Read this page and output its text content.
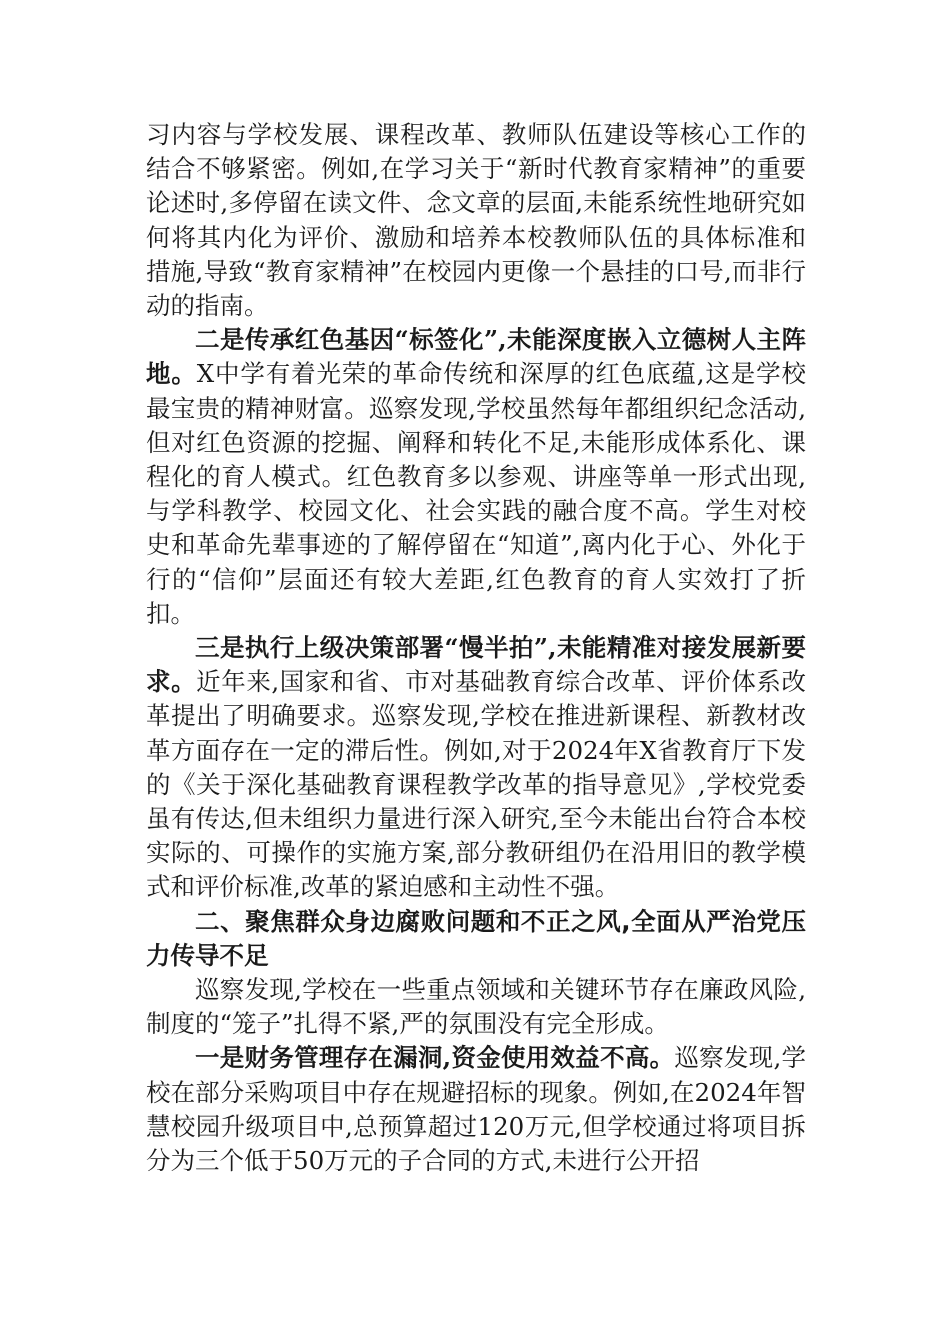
习内容与学校发展、课程改革、教师队伍建设等核心工作的结合不够紧密。例如,在学习关于“新时代教育家精神”的重要论述时,多停留在读文件、念文章的层面,未能系统性地研究如何将其内化为评价、激励和培养本校教师队伍的具体标准和措施,导致“教育家精神”在校园内更像一个悬挂的口号,而非行动的指南。

二是传承红色基因“标签化”,未能深度嵌入立德树人主阵地。X中学有着光荣的革命传统和深厚的红色底蕴,这是学校最宝贵的精神财富。巡察发现,学校虽然每年都组织纪念活动,但对红色资源的挖掘、阐释和转化不足,未能形成体系化、课程化的育人模式。红色教育多以参观、讲座等单一形式出现,与学科教学、校园文化、社会实践的融合度不高。学生对校史和革命先辈事迹的了解停留在“知道”,离内化于心、外化于行的“信仰”层面还有较大差距,红色教育的育人实效打了折扣。

三是执行上级决策部署“慢半拍”,未能精准对接发展新要求。近年来,国家和省、市对基础教育综合改革、评价体系改革提出了明确要求。巡察发现,学校在推进新课程、新教材改革方面存在一定的滞后性。例如,对于2024年X省教育厅下发的《关于深化基础教育课程教学改革的指导意见》,学校党委虽有传达,但未组织力量进行深入研究,至今未能出台符合本校实际的、可操作的实施方案,部分教研组仍在沿用旧的教学模式和评价标准,改革的紧迫感和主动性不强。

二、聚焦群众身边腐败问题和不正之风,全面从严治党压力传导不足

巡察发现,学校在一些重点领域和关键环节存在廉政风险,制度的“笼子”扎得不紧,严的氛围没有完全形成。

一是财务管理存在漏洞,资金使用效益不高。巡察发现,学校在部分采购项目中存在规避招标的现象。例如,在2024年智慧校园升级项目中,总预算超过120万元,但学校通过将项目拆分为三个低于50万元的子合同的方式,未进行公开招
